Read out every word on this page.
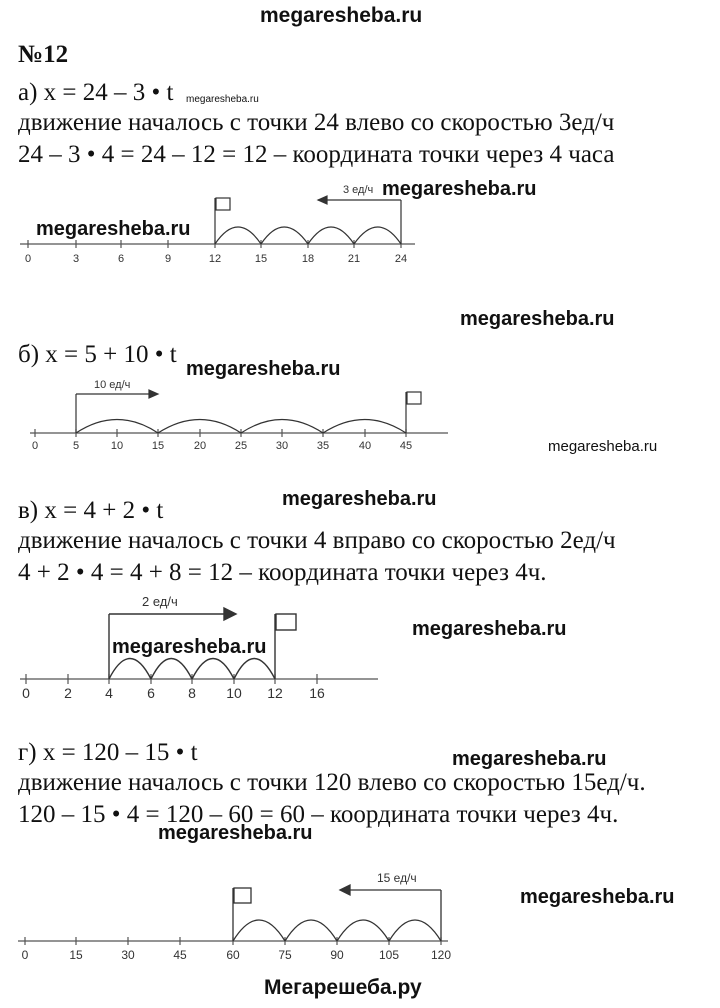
megaresheba.ru
№12
а) x = 24 – 3 • t megaresheba.ru
движение началось с точки 24 влево со скоростью 3ед/ч
24 – 3 • 4 = 24 – 12 = 12 – координата точки через 4 часа
megaresheba.ru
megaresheba.ru
3 ед/ч
0	3	6	9	12	15	18	21	24
megaresheba.ru
б) x = 5 + 10 • t
megaresheba.ru
10 ед/ч
0	5	10	15	20	25	30	35	40	45	megaresheba.ru
megaresheba.ru
в) x = 4 + 2 • t
движение началось с точки 4 вправо со скоростью 2ед/ч
4 + 2 • 4 = 4 + 8 = 12 – координата точки через 4ч.
2 ед/ч
0 2 4 6 8 10 12 16
megaresheba.ru
megaresheba.ru
г) x = 120 – 15 • t	megaresheba.ru
движение началось с точки 120 влево со скоростью 15ед/ч.
120 – 15 • 4 = 120 – 60 = 60 – координата точки через 4ч.
megaresheba.ru
15 ед/ч
0	15	30	45	60	75	90	105	120
megaresheba.ru
Мегарешеба.ру
